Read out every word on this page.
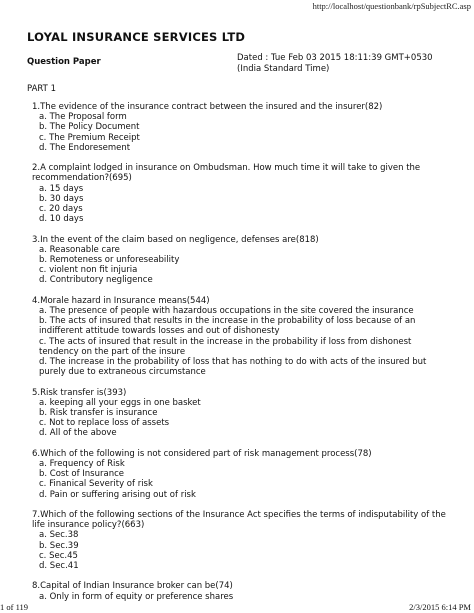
http://localhost/questionbank/rpSubjectRC.asp
LOYAL INSURANCE SERVICES LTD
Question Paper	Dated : Tue Feb 03 2015 18:11:39 GMT+0530
(India Standard Time)
PART 1
1.The evidence of the insurance contract between the insured and the insurer(82)
a. The Proposal form
b. The Policy Document
c. The Premium Receipt
d. The Endoresement
2.A complaint lodged in insurance on Ombudsman. How much time it will take to given the recommendation?(695)
a. 15 days
b. 30 days
c. 20 days
d. 10 days
3.In the event of the claim based on negligence, defenses are(818)
a. Reasonable care
b. Remoteness or unforeseability
c. violent non fit injuria
d. Contributory negligence
4.Morale hazard in Insurance means(544)
a. The presence of people with hazardous occupations in the site covered the insurance
b. The acts of insured that results in the increase in the probability of loss because of an indifferent attitude towards losses and out of dishonesty
c. The acts of insured that result in the increase in the probability if loss from dishonest tendency on the part of the insure
d. The increase in the probability of loss that has nothing to do with acts of the insured but purely due to extraneous circumstance
5.Risk transfer is(393)
a. keeping all your eggs in one basket
b. Risk transfer is insurance
c. Not to replace loss of assets
d. All of the above
6.Which of the following is not considered part of risk management process(78)
a. Frequency of Risk
b. Cost of Insurance
c. Finanical Severity of risk
d. Pain or suffering arising out of risk
7.Which of the following sections of the Insurance Act specifies the terms of indisputability of the life insurance policy?(663)
a. Sec.38
b. Sec.39
c. Sec.45
d. Sec.41
8.Capital of Indian Insurance broker can be(74)
a. Only in form of equity or preference shares
1 of 119	2/3/2015 6:14 PM
